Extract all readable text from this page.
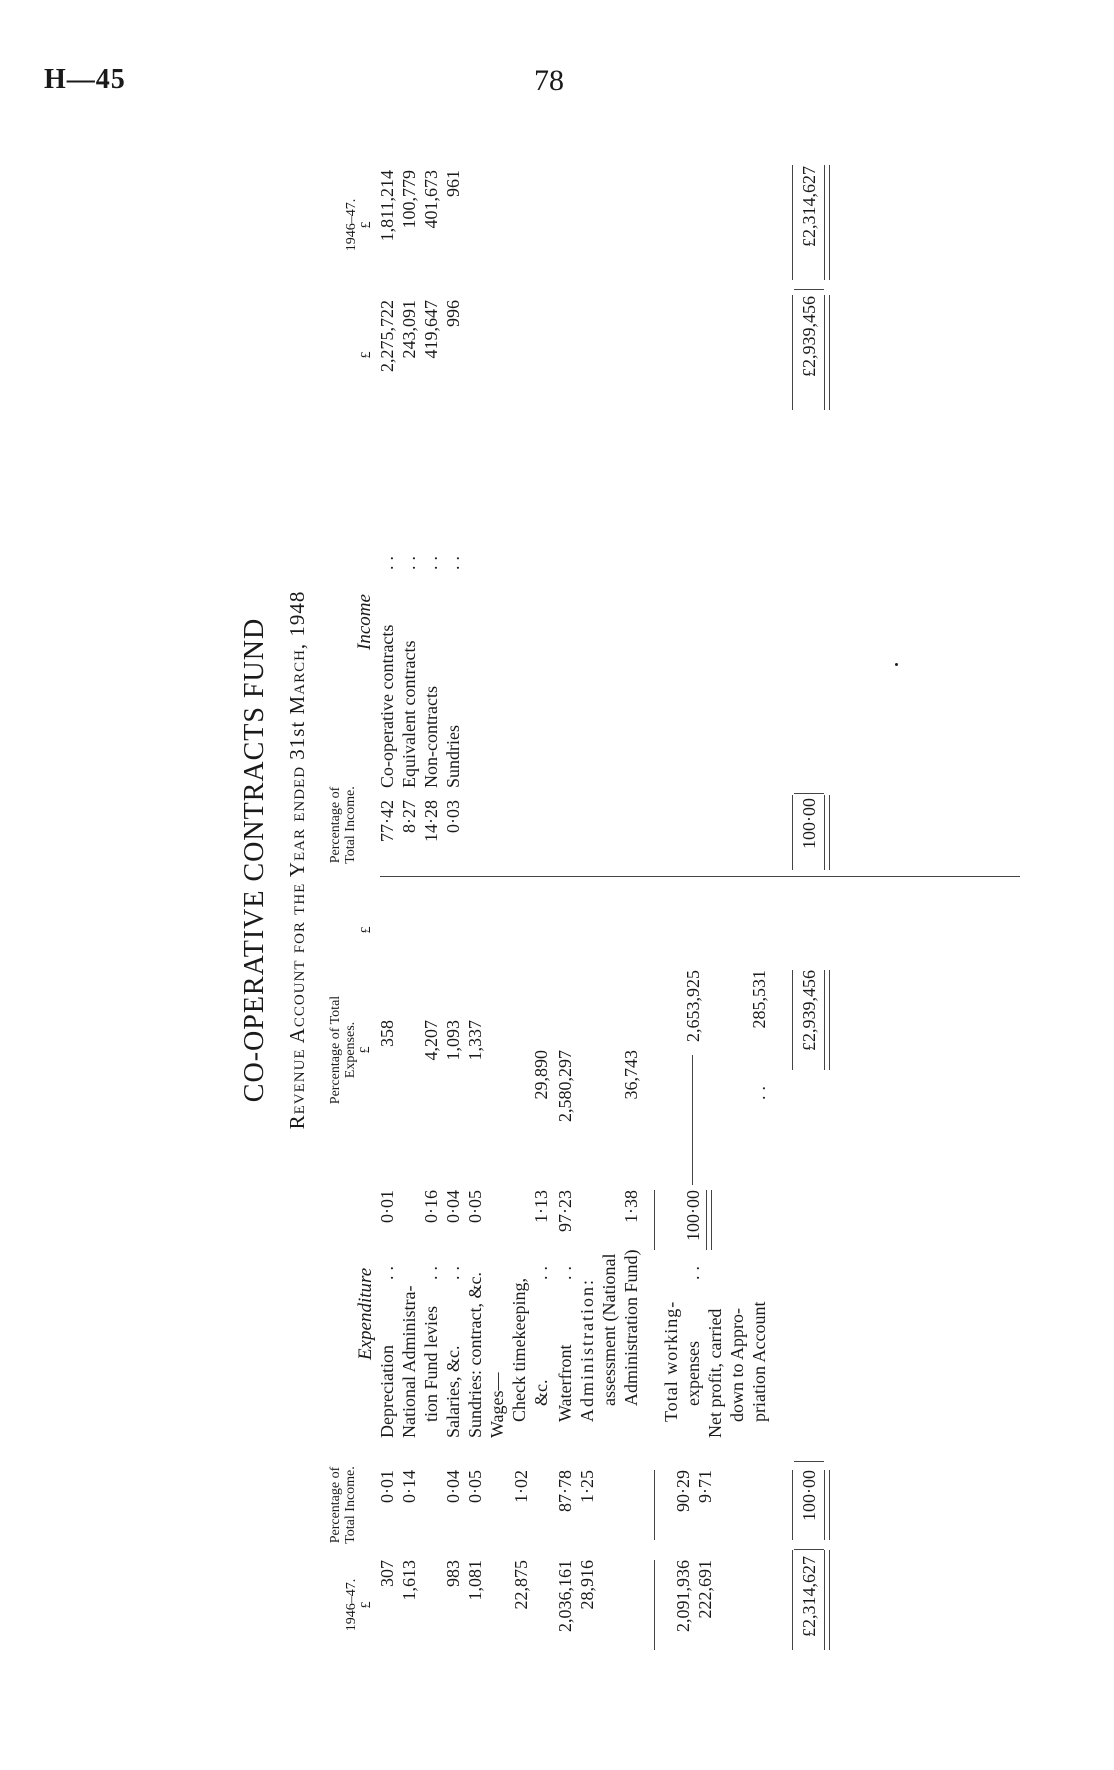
H—45	78
CO-OPERATIVE CONTRACTS FUND Revenue Account for the Year ended 31st March, 1948
1946–47. £
Percentage of Total Income.
Expenditure
Percentage of Total Expenses. £
£
Percentage of Total Income.
Income
£
1946–47. £
307
0·01
Depreciation
..
0·01
358
1,613
0·14
National Administra- tion Fund levies
..
0·16
4,207
983
0·04
Salaries, &c.
..
0·04
1,093
1,081
0·05
Sundries: contract, &c.
0·05
1,337
Wages—
22,875
1·02
Check timekeeping, &c.
..
1·13
29,890
2,036,161
87·78
Waterfront
..
97·23
2,580,297
28,916
1·25
Administration: assessment (National Administration Fund)
1·38
36,743
2,091,936
90·29
Total working- expenses
..
100·00
2,653,925
222,691
9·71
Net profit, carried down to Appro- priation Account
..
285,531
£2,314,627
100·00
£2,939,456
77·42
Co-operative contracts
..
2,275,722
1,811,214
8·27
Equivalent contracts
..
243,091
100,779
14·28
Non-contracts
..
419,647
401,673
0·03
Sundries
..
996
961
100·00
£2,939,456
£2,314,627
